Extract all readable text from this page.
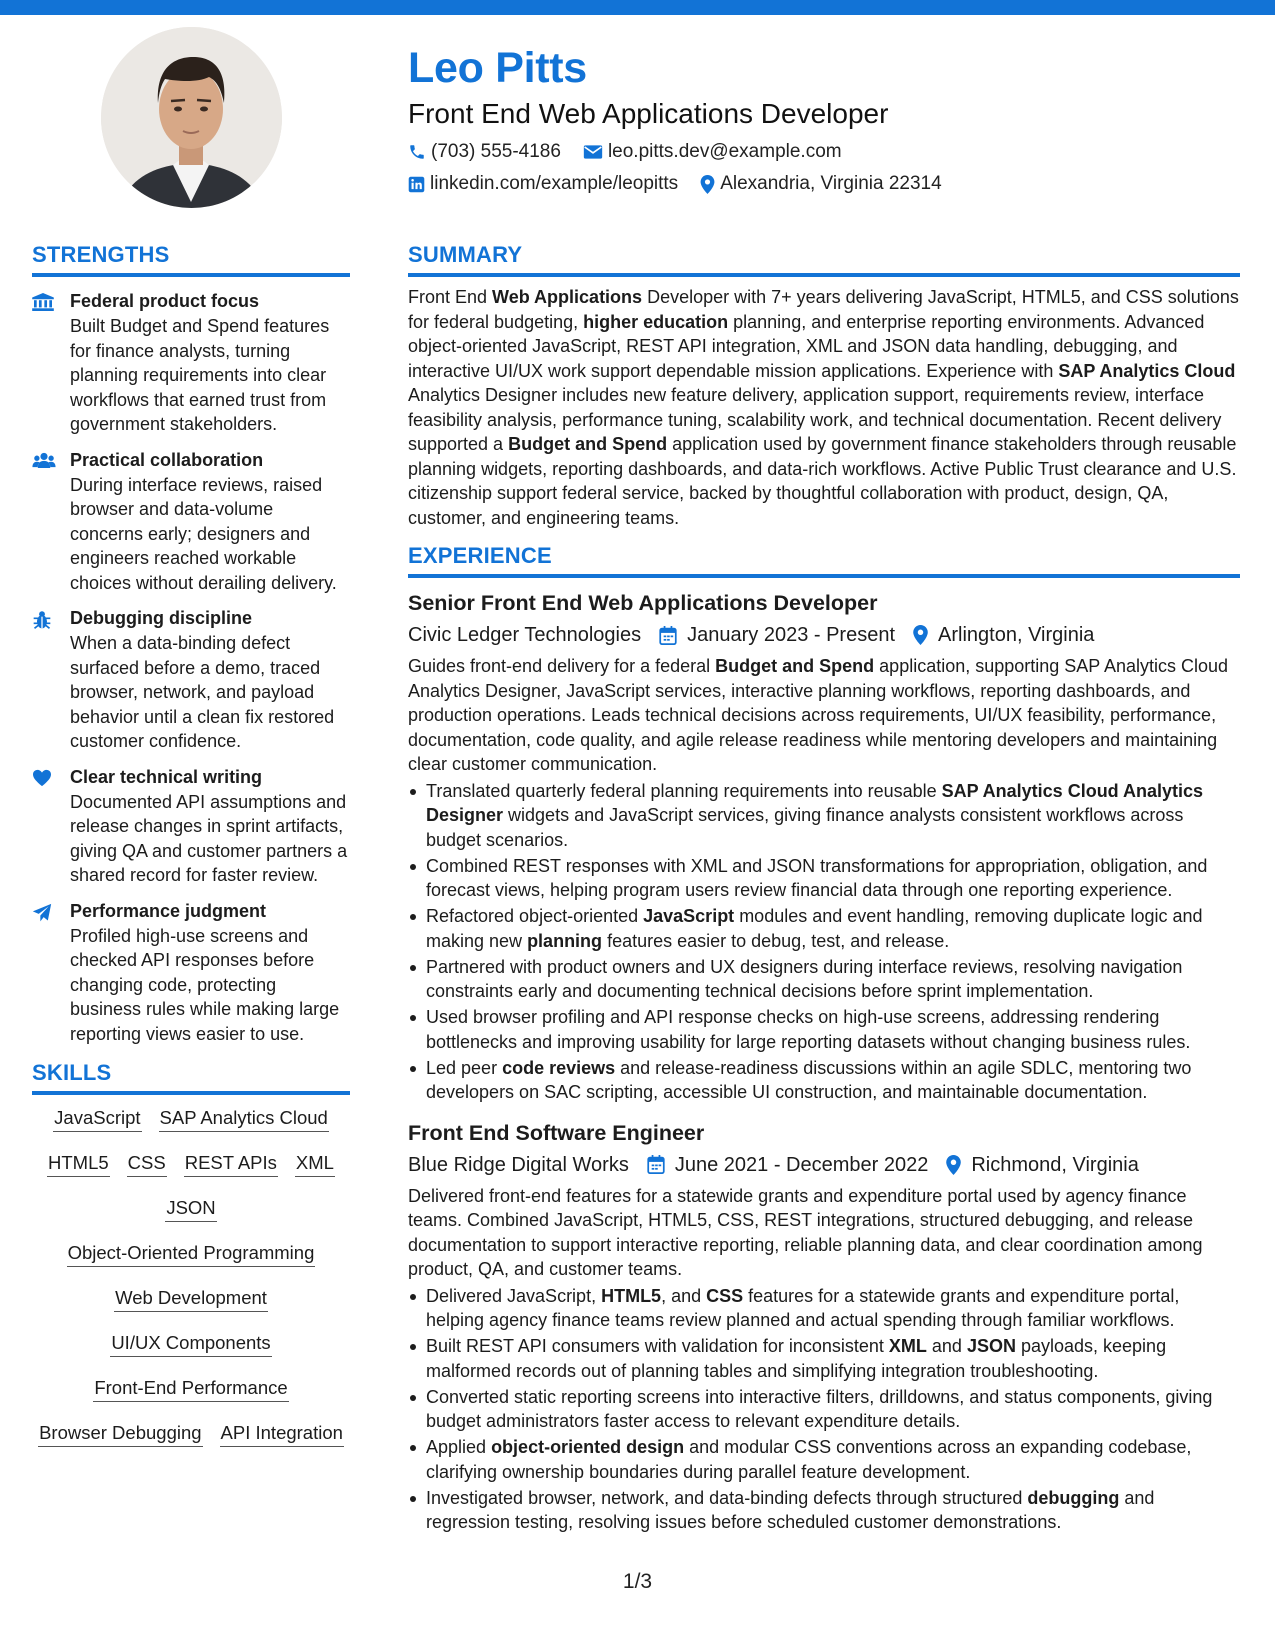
Leo Pitts
Front End Web Applications Developer
(703) 555-4186 leo.pitts.dev@example.com
linkedin.com/example/leopitts Alexandria, Virginia 22314
STRENGTHS
Federal product focus
Built Budget and Spend features for finance analysts, turning planning requirements into clear workflows that earned trust from government stakeholders.
Practical collaboration
During interface reviews, raised browser and data-volume concerns early; designers and engineers reached workable choices without derailing delivery.
Debugging discipline
When a data-binding defect surfaced before a demo, traced browser, network, and payload behavior until a clean fix restored customer confidence.
Clear technical writing
Documented API assumptions and release changes in sprint artifacts, giving QA and customer partners a shared record for faster review.
Performance judgment
Profiled high-use screens and checked API responses before changing code, protecting business rules while making large reporting views easier to use.
SKILLS
JavaScript SAP Analytics Cloud
HTML5 CSS REST APIs XML
JSON
Object-Oriented Programming
Web Development
UI/UX Components
Front-End Performance
Browser Debugging API Integration
SUMMARY

Front End Web Applications Developer with 7+ years delivering JavaScript, HTML5, and CSS solutions for federal budgeting, higher education planning, and enterprise reporting environments. Advanced object-oriented JavaScript, REST API integration, XML and JSON data handling, debugging, and interactive UI/UX work support dependable mission applications. Experience with SAP Analytics Cloud Analytics Designer includes new feature delivery, application support, requirements review, interface feasibility analysis, performance tuning, scalability work, and technical documentation. Recent delivery supported a Budget and Spend application used by government finance stakeholders through reusable planning widgets, reporting dashboards, and data-rich workflows. Active Public Trust clearance and U.S. citizenship support federal service, backed by thoughtful collaboration with product, design, QA, customer, and engineering teams.

EXPERIENCE
Senior Front End Web Applications Developer
Civic Ledger Technologies January 2023 - Present Arlington, Virginia

Guides front-end delivery for a federal Budget and Spend application, supporting SAP Analytics Cloud Analytics Designer, JavaScript services, interactive planning workflows, reporting dashboards, and production operations. Leads technical decisions across requirements, UI/UX feasibility, performance, documentation, code quality, and agile release readiness while mentoring developers and maintaining clear customer communication.

Translated quarterly federal planning requirements into reusable SAP Analytics Cloud Analytics Designer widgets and JavaScript services, giving finance analysts consistent workflows across budget scenarios.
Combined REST responses with XML and JSON transformations for appropriation, obligation, and forecast views, helping program users review financial data through one reporting experience.
Refactored object-oriented JavaScript modules and event handling, removing duplicate logic and making new planning features easier to debug, test, and release.
Partnered with product owners and UX designers during interface reviews, resolving navigation constraints early and documenting technical decisions before sprint implementation.
Used browser profiling and API response checks on high-use screens, addressing rendering bottlenecks and improving usability for large reporting datasets without changing business rules.
Led peer code reviews and release-readiness discussions within an agile SDLC, mentoring two developers on SAC scripting, accessible UI construction, and maintainable documentation.
Front End Software Engineer
Blue Ridge Digital Works June 2021 - December 2022 Richmond, Virginia

Delivered front-end features for a statewide grants and expenditure portal used by agency finance teams. Combined JavaScript, HTML5, CSS, REST integrations, structured debugging, and release documentation to support interactive reporting, reliable planning data, and clear coordination among product, QA, and customer teams.

Delivered JavaScript, HTML5, and CSS features for a statewide grants and expenditure portal, helping agency finance teams review planned and actual spending through familiar workflows.
Built REST API consumers with validation for inconsistent XML and JSON payloads, keeping malformed records out of planning tables and simplifying integration troubleshooting.
Converted static reporting screens into interactive filters, drilldowns, and status components, giving budget administrators faster access to relevant expenditure details.
Applied object-oriented design and modular CSS conventions across an expanding codebase, clarifying ownership boundaries during parallel feature development.
Investigated browser, network, and data-binding defects through structured debugging and regression testing, resolving issues before scheduled customer demonstrations.
1/3
